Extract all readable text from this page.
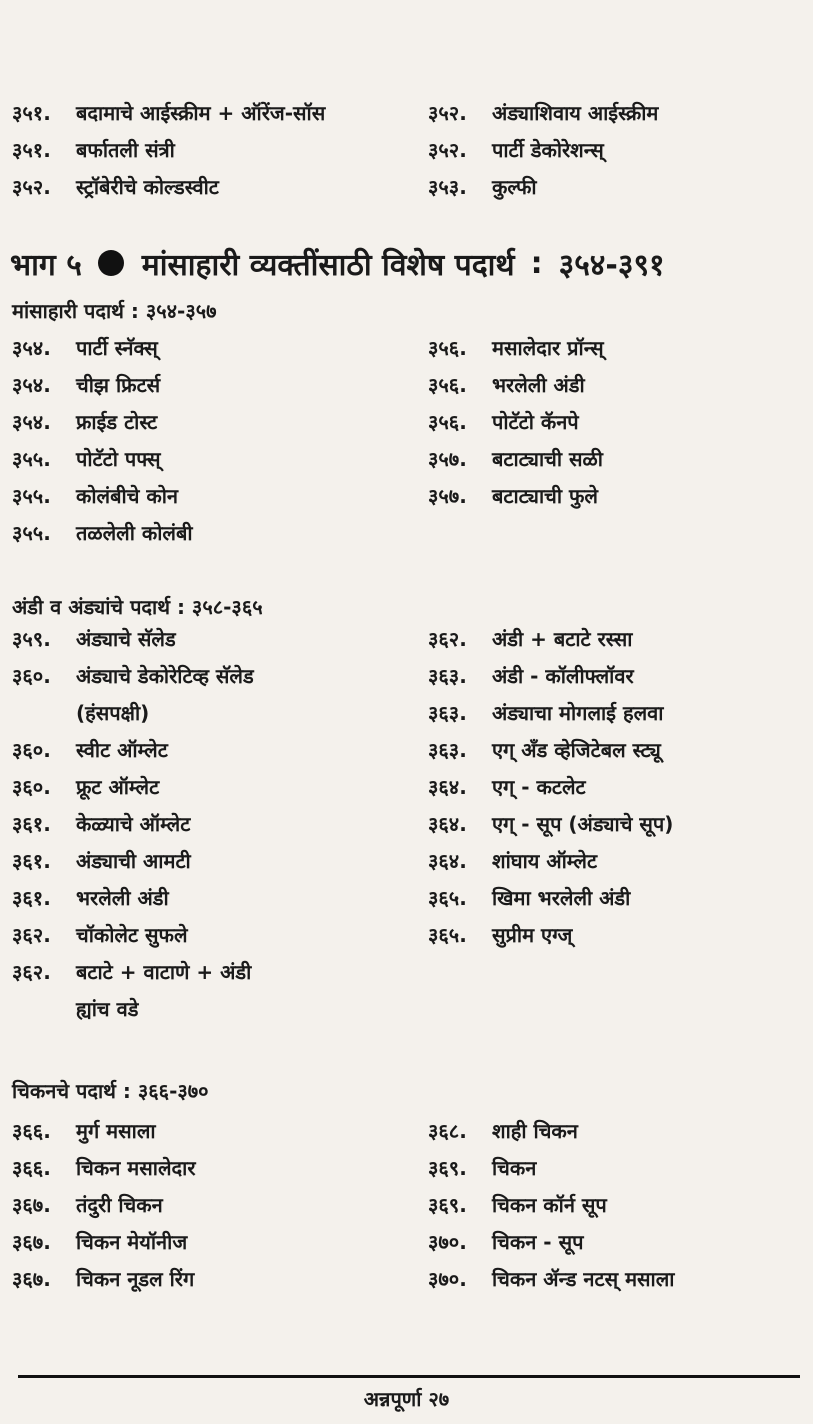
३५१.	बदामाचे आईस्क्रीम + ऑरेंज-सॉस
३५१.	बर्फातली संत्री
३५२.	स्ट्रॉबेरीचे कोल्डस्वीट
३५२.	अंड्याशिवाय आईस्क्रीम
३५२.	पार्टी डेकोरेशन्स्
३५३.	कुल्फी
भाग ५ मांसाहारी व्यक्तींसाठी विशेष पदार्थ : ३५४-३९१
मांसाहारी पदार्थ : ३५४-३५७
३५४.	पार्टी स्नॅक्स्
३५४.	चीझ फ्रिटर्स
३५४.	फ्राईड टोस्ट
३५५.	पोटॅटो पफ्स्
३५५.	कोलंबीचे कोन
३५५.	तळलेली कोलंबी
३५६.	मसालेदार प्रॉन्स्
३५६.	भरलेली अंडी
३५६.	पोटॅटो कॅनपे
३५७.	बटाट्याची सळी
३५७.	बटाट्याची फुले
अंडी व अंड्यांचे पदार्थ : ३५८-३६५
३५९.	अंड्याचे सॅलेड
३६०.	अंड्याचे डेकोरेटिव्ह सॅलेड
(हंसपक्षी)
३६०.	स्वीट ऑम्लेट
३६०.	फ्रूट ऑम्लेट
३६१.	केळ्याचे ऑम्लेट
३६१.	अंड्याची आमटी
३६१.	भरलेली अंडी
३६२.	चॉकोलेट सुफले
३६२.	बटाटे + वाटाणे + अंडी
ह्यांच वडे
३६२.	अंडी + बटाटे रस्सा
३६३.	अंडी - कॉलीफ्लॉवर
३६३.	अंड्याचा मोगलाई हलवा
३६३.	एग् अँड व्हेजिटेबल स्ट्यू
३६४.	एग् - कटलेट
३६४.	एग् - सूप (अंड्याचे सूप)
३६४.	शांघाय ऑम्लेट
३६५.	खिमा भरलेली अंडी
३६५.	सुप्रीम एग्ज्
चिकनचे पदार्थ : ३६६-३७०
३६६.	मुर्ग मसाला
३६६.	चिकन मसालेदार
३६७.	तंदुरी चिकन
३६७.	चिकन मेयॉनीज
३६७.	चिकन नूडल रिंग
३६८.	शाही चिकन
३६९.	चिकन
३६९.	चिकन कॉर्न सूप
३७०.	चिकन - सूप
३७०.	चिकन ॲन्ड नटस् मसाला
अन्नपूर्णा २७
